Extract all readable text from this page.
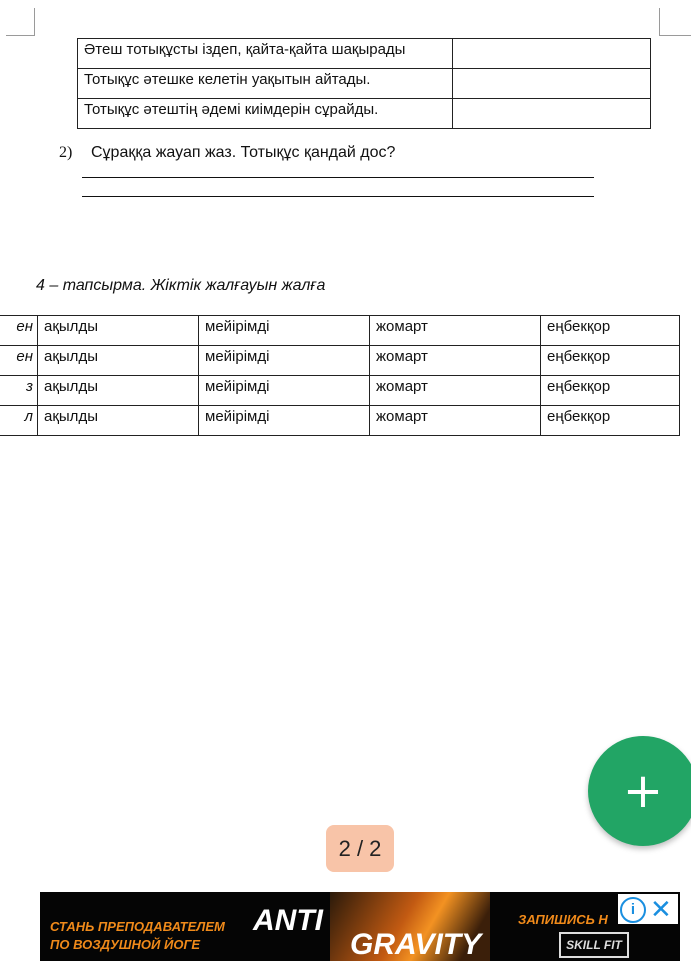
Әтеш тотықұсты іздеп, қайта-қайта шақырады	
Тотықұс әтешке келетін уақытын айтады.	
Тотықұс әтештің әдемі киімдерін сұрайды.	
2) Сұраққа жауап жаз. Тотықұс қандай дос?
4 – тапсырма. Жіктік жалғауын жалға
ен	ақылды	мейірімді	жомарт	еңбекқор
ен	ақылды	мейірімді	жомарт	еңбекқор
з	ақылды	мейірімді	жомарт	еңбекқор
л	ақылды	мейірімді	жомарт	еңбекқор
+
2 / 2
СТАНЬ ПРЕПОДАВАТЕЛЕМ
ПО ВОЗДУШНОЙ ЙОГЕ
ANTI
GRAVITY
ЗАПИШИСЬ Н
SKILL FIT
i ✕
